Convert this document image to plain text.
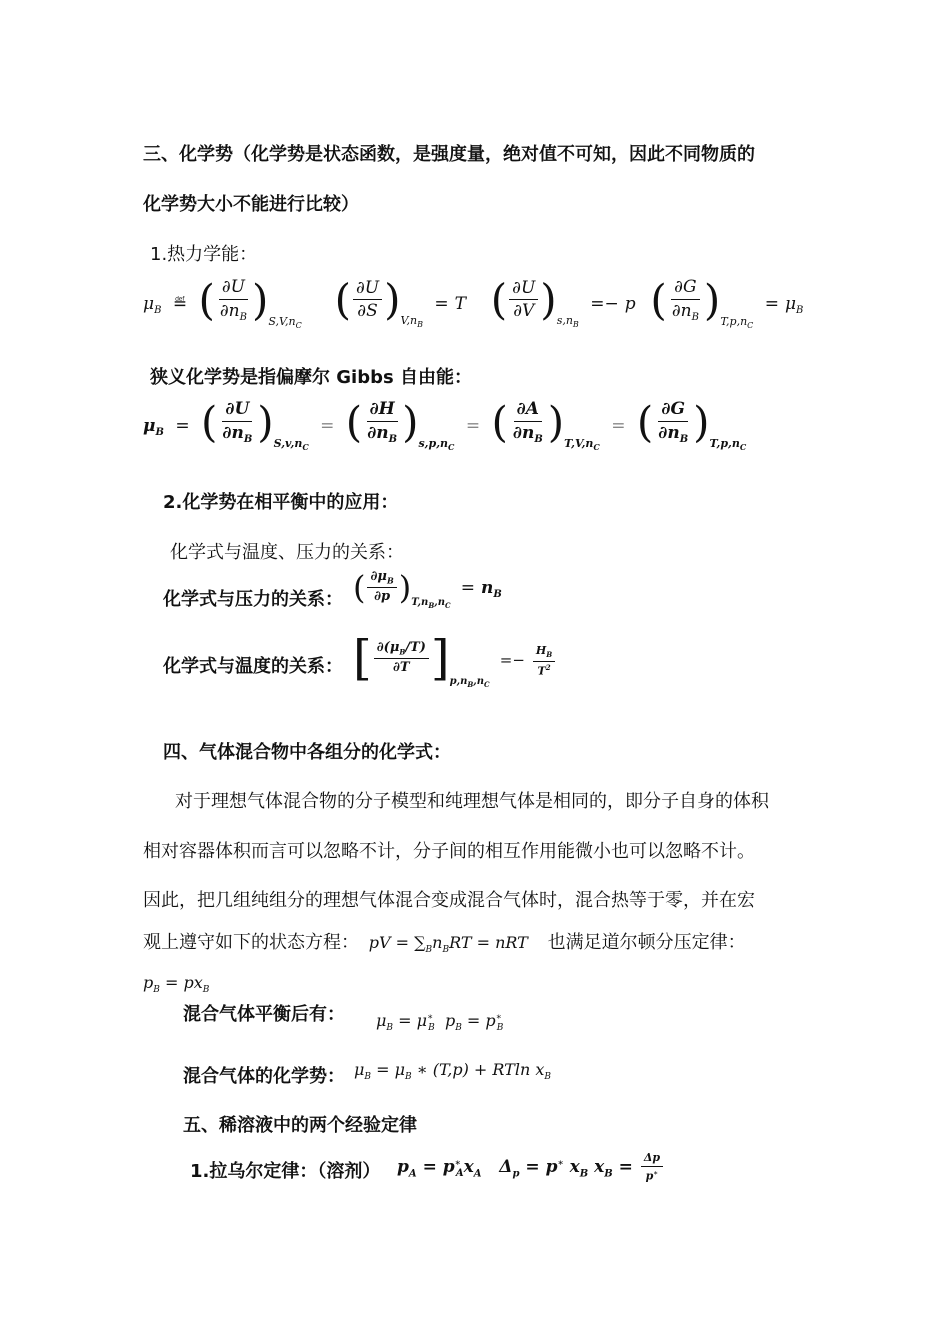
三、化学势（化学势是状态函数，是强度量，绝对值不可知，因此不同物质的
化学势大小不能进行比较）
1.热力学能：
$\mu_B$ ≝ ( $\frac{\partial U}{\partial n_B} )_{S,V,n_C}$  ( $\frac{\partial U}{\partial S} )_{V,n_B} = T$ ( $\frac{\partial U}{\partial V} )_{s,n_B} =- p$ ( $\frac{\partial G}{\partial n_B} )_{T,p,n_C} = \mu_B$
狭义化学势是指偏摩尔 Gibbs 自由能：
$\mu_B$ = ( $\frac{\partial U}{\partial n_B} )_{S,v,n_C}$ = ( $\frac{\partial H}{\partial n_B} )_{s,p,n_C}$ = ( $\frac{\partial A}{\partial n_B} )_{T,V,n_C}$ = ( $\frac{\partial G}{\partial n_B} )_{T,p,n_C}$
2.化学势在相平衡中的应用：
化学式与温度、压力的关系：
化学式与压力的关系： ( $\frac{\partial\mu_B}{\partial p} )_{T,n_B,n_C} = n_B$
化学式与温度的关系： [ $\frac{\partial(\mu_B/T)}{\partial T} ]_{p,n_B,n_C} =- \frac{H_B}{T^2}$
四、气体混合物中各组分的化学式：
对于理想气体混合物的分子模型和纯理想气体是相同的，即分子自身的体积
相对容器体积而言可以忽略不计，分子间的相互作用能微小也可以忽略不计。
因此，把几组纯组分的理想气体混合变成混合气体时，混合热等于零，并在宏
观上遵守如下的状态方程： pV = $\sum_Bn_BRT$ = nRT 也满足道尔顿分压定律：
$p_B = px_B$
混合气体平衡后有： $\mu_B = \mu^∗_B$ $p_B = p^∗_B$
混合气体的化学势： $\mu_B = \mu_B$ ∗ (T,p) + RTln $x_B$
五、稀溶液中的两个经验定律
1.拉乌尔定律：（溶剂） $p_A = p^∗_Ax_A$ $\Delta_p = p^∗$ $x_B$ $x_B = \frac{\Delta p}{p^∗}$
